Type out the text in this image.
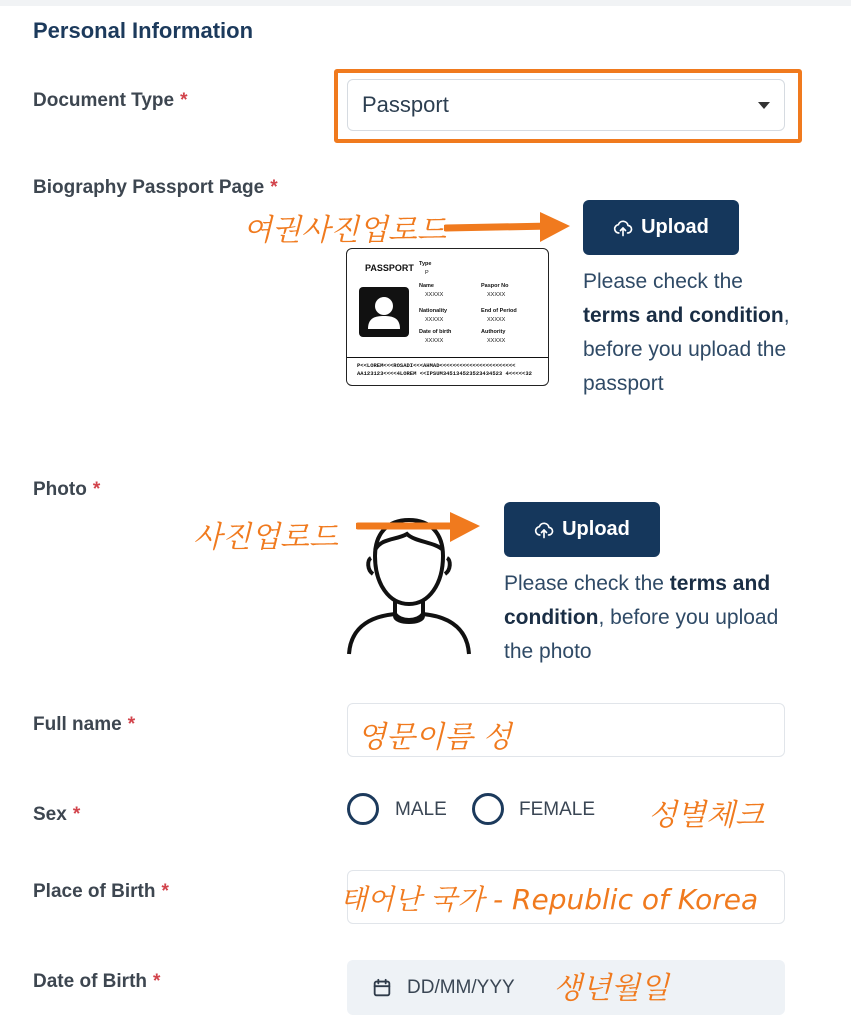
Personal Information
Document Type *	Passport
Biography Passport Page *
여권사진업로드	Upload
PASSPORT Type
P
Name
XXXXX
Paspor No
XXXXX
Nationality
XXXXX
End of Period
XXXXX
Date of birth
XXXXX
Authority
XXXXX
P<<LOREM<<<ROSADI<<<AHMAD<<<<<<<<<<<<<<<<<<<<<<<
AA123123<<<<4LOREM <<IPSUM345134523523434523 4<<<<<32
Please check the terms and condition, before you upload the passport
Photo *
사진업로드	Upload
Please check the terms and condition, before you upload the photo
Full name *	영문이름 성
Sex *	MALE	FEMALE 성별체크
Place of Birth *	태어난 국가 - Republic of Korea
Date of Birth *	DD/MM/YYY 생년월일
